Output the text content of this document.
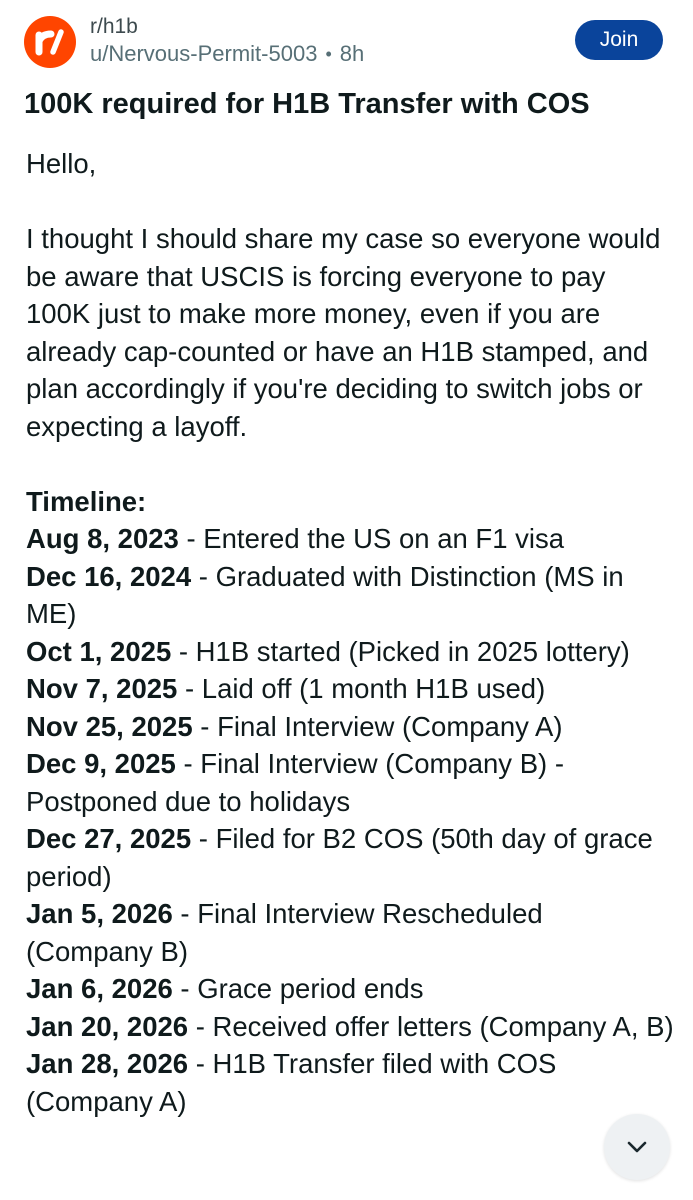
r/h1b
u/Nervous-Permit-5003 • 8h
Join
100K required for H1B Transfer with COS

Hello,

I thought I should share my case so everyone would be aware that USCIS is forcing everyone to pay 100K just to make more money, even if you are already cap-counted or have an H1B stamped, and plan accordingly if you're deciding to switch jobs or expecting a layoff.

Timeline:

Aug 8, 2023 - Entered the US on an F1 visa

Dec 16, 2024 - Graduated with Distinction (MS in ME)

Oct 1, 2025 - H1B started (Picked in 2025 lottery)

Nov 7, 2025 - Laid off (1 month H1B used)

Nov 25, 2025 - Final Interview (Company A)

Dec 9, 2025 - Final Interview (Company B) - Postponed due to holidays

Dec 27, 2025 - Filed for B2 COS (50th day of grace period)

Jan 5, 2026 - Final Interview Rescheduled (Company B)

Jan 6, 2026 - Grace period ends

Jan 20, 2026 - Received offer letters (Company A, B)

Jan 28, 2026 - H1B Transfer filed with COS (Company A)
